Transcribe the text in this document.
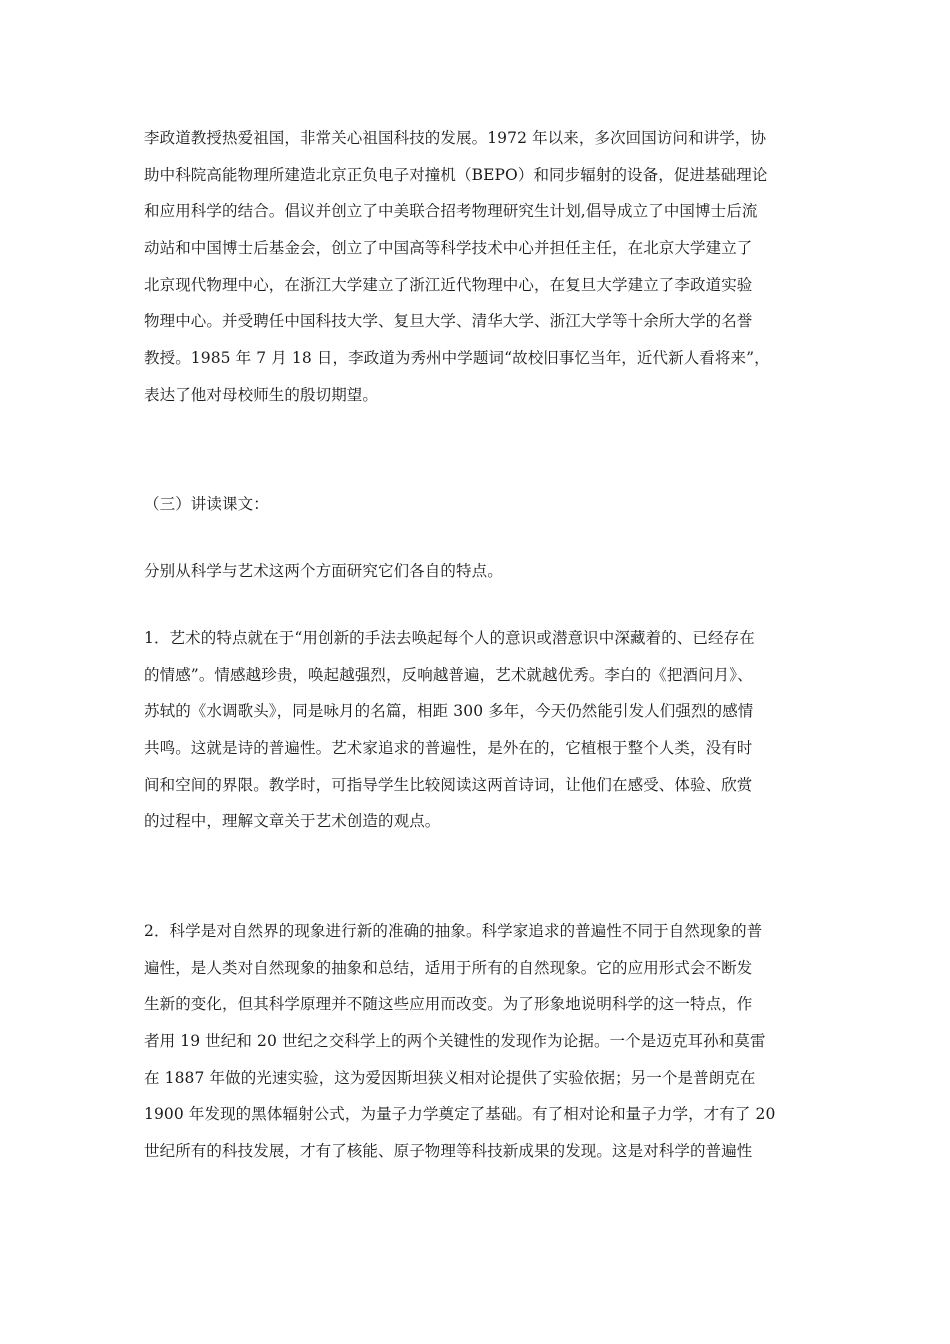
李政道教授热爱祖国，非常关心祖国科技的发展。1972 年以来，多次回国访问和讲学，协
助中科院高能物理所建造北京正负电子对撞机（BEPO）和同步辐射的设备，促进基础理论
和应用科学的结合。倡议并创立了中美联合招考物理研究生计划,倡导成立了中国博士后流
动站和中国博士后基金会，创立了中国高等科学技术中心并担任主任，在北京大学建立了
北京现代物理中心，在浙江大学建立了浙江近代物理中心，在复旦大学建立了李政道实验
物理中心。并受聘任中国科技大学、复旦大学、清华大学、浙江大学等十余所大学的名誉
教授。1985 年 7 月 18 日，李政道为秀州中学题词“故校旧事忆当年，近代新人看将来”，
表达了他对母校师生的殷切期望。
（三）讲读课文：
分别从科学与艺术这两个方面研究它们各自的特点。
1．艺术的特点就在于“用创新的手法去唤起每个人的意识或潜意识中深藏着的、已经存在
的情感”。情感越珍贵，唤起越强烈，反响越普遍，艺术就越优秀。李白的《把酒问月》、
苏轼的《水调歌头》，同是咏月的名篇，相距 300 多年，今天仍然能引发人们强烈的感情
共鸣。这就是诗的普遍性。艺术家追求的普遍性，是外在的，它植根于整个人类，没有时
间和空间的界限。教学时，可指导学生比较阅读这两首诗词，让他们在感受、体验、欣赏
的过程中，理解文章关于艺术创造的观点。
2．科学是对自然界的现象进行新的准确的抽象。科学家追求的普遍性不同于自然现象的普
遍性，是人类对自然现象的抽象和总结，适用于所有的自然现象。它的应用形式会不断发
生新的变化，但其科学原理并不随这些应用而改变。为了形象地说明科学的这一特点，作
者用 19 世纪和 20 世纪之交科学上的两个关键性的发现作为论据。一个是迈克耳孙和莫雷
在 1887 年做的光速实验，这为爱因斯坦狭义相对论提供了实验依据；另一个是普朗克在
1900 年发现的黑体辐射公式，为量子力学奠定了基础。有了相对论和量子力学，才有了 20
世纪所有的科技发展，才有了核能、原子物理等科技新成果的发现。这是对科学的普遍性
